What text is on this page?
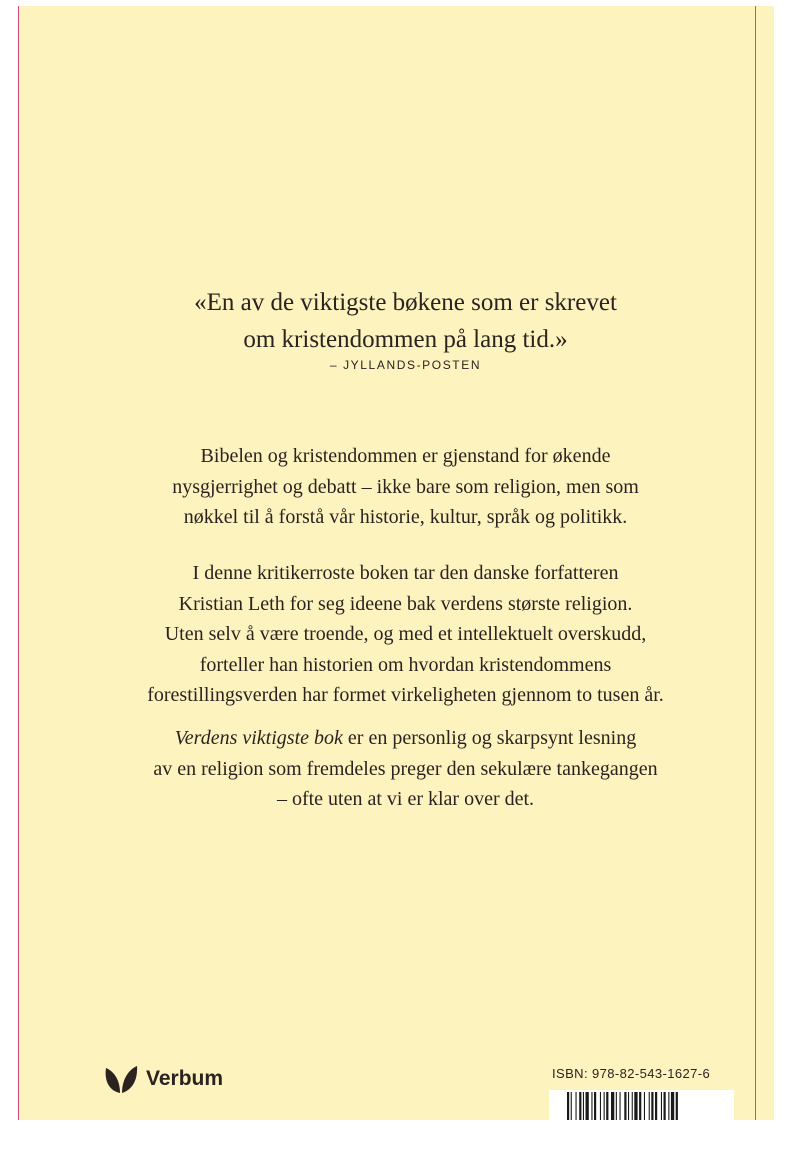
«En av de viktigste bøkene som er skrevet
om kristendommen på lang tid.»
– JYLLANDS-POSTEN
Bibelen og kristendommen er gjenstand for økende
nysgjerrighet og debatt – ikke bare som religion, men som
nøkkel til å forstå vår historie, kultur, språk og politikk.
I denne kritikerroste boken tar den danske forfatteren
Kristian Leth for seg ideene bak verdens største religion.
Uten selv å være troende, og med et intellektuelt overskudd,
forteller han historien om hvordan kristendommens
forestillingsverden har formet virkeligheten gjennom to tusen år.
Verdens viktigste bok er en personlig og skarpsynt lesning
av en religion som fremdeles preger den sekulære tankegangen
– ofte uten at vi er klar over det.
Verbum	ISBN: 978-82-543-1627-6
